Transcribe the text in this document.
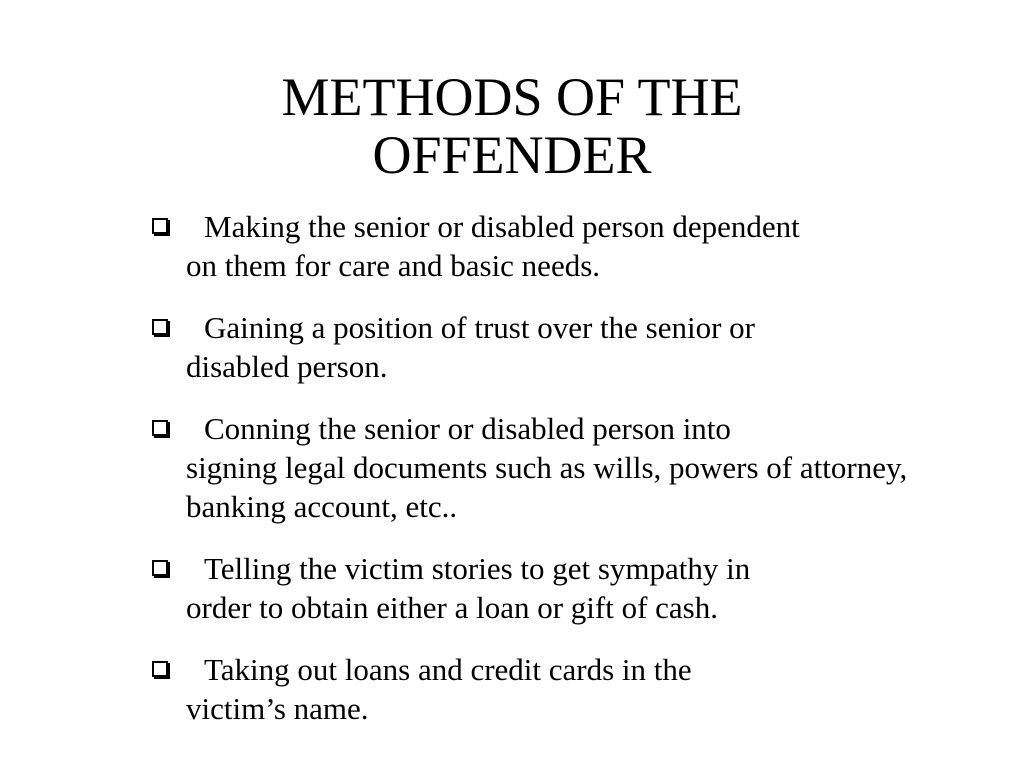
METHODS OF THE
OFFENDER
Making the senior or disabled person dependent
on them for care and basic needs.
Gaining a position of trust over the senior or
disabled person.
Conning the senior or disabled person into
signing legal documents such as wills, powers of attorney, banking account, etc..
Telling the victim stories to get sympathy in
order to obtain either a loan or gift of cash.
Taking out loans and credit cards in the
victim’s name.
